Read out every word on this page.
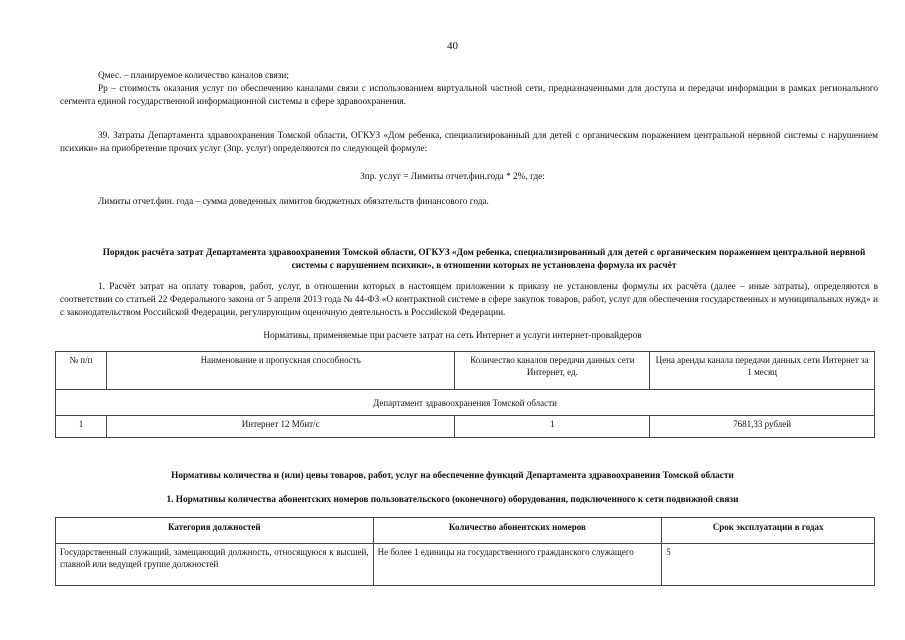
40
Qмес. – планируемое количество каналов связи;
Pр – стоимость оказания услуг по обеспечению каналами связи с использованием виртуальной частной сети, предназначенными для доступа и передачи информации в рамках регионального сегмента единой государственной информационной системы в сфере здравоохранения.
39. Затраты Департамента здравоохранения Томской области, ОГКУЗ «Дом ребенка, специализированный для детей с органическим поражением центральной нервной системы с нарушением психики» на приобретение прочих услуг (Зпр. услуг) определяются по следующей формуле:
Зпр. услуг = Лимиты отчет.фин.года * 2%, где:
Лимиты отчет.фин. года – сумма доведенных лимитов бюджетных обязательств финансового года.
Порядок расчёта затрат Департамента здравоохранения Томской области, ОГКУЗ «Дом ребенка, специализированный для детей с органическим поражением центральной нервной системы с нарушением психики», в отношении которых не установлена формула их расчёт
1. Расчёт затрат на оплату товаров, работ, услуг, в отношении которых в настоящем приложении к приказу не установлены формулы их расчёта (далее – иные затраты), определяются в соответствии со статьей 22 Федерального закона от 5 апреля 2013 года № 44-ФЗ «О контрактной системе в сфере закупок товаров, работ, услуг для обеспечения государственных и муниципальных нужд» и с законодательством Российской Федерации, регулирующим оценочную деятельность в Российской Федерации.
Нормативы, применяемые при расчете затрат на сеть Интернет и услуги интернет-провайдеров
№ п/п	Наименование и пропускная способность	Количество каналов передачи данных сети Интернет, ед.	Цена аренды канала передачи данных сети Интернет за 1 месяц
Департамент здравоохранения Томской области			
1	Интернет 12 Мбит/с	1	7681,33 рублей
Нормативы количества и (или) цены товаров, работ, услуг на обеспечение функций Департамента здравоохранения Томской области
1. Нормативы количества абонентских номеров пользовательского (оконечного) оборудования, подключенного к сети подвижной связи
Категория должностей	Количество абонентских номеров	Срок эксплуатации в годах
Государственный служащий, замещающий должность, относящуюся к высшей, главной или ведущей группе должностей	Не более 1 единицы на государственного гражданского служащего	5
